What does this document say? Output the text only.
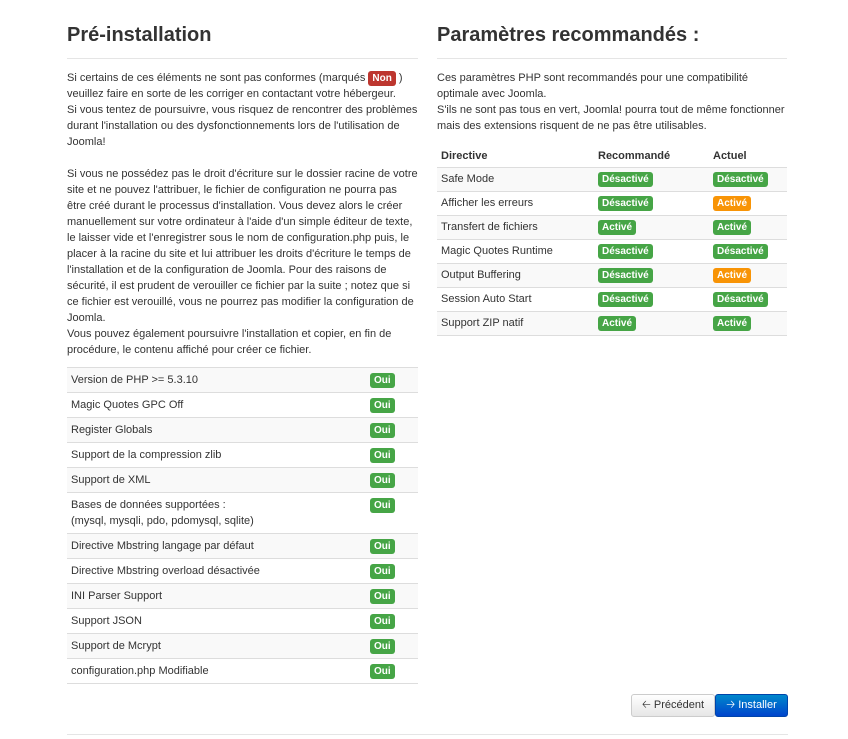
Pré-installation

Si certains de ces éléments ne sont pas conformes (marqués Non ) veuillez faire en sorte de les corriger en contactant votre hébergeur.

Si vous tentez de poursuivre, vous risquez de rencontrer des problèmes durant l'installation ou des dysfonctionnements lors de l'utilisation de Joomla!

Si vous ne possédez pas le droit d'écriture sur le dossier racine de votre site et ne pouvez l'attribuer, le fichier de configuration ne pourra pas être créé durant le processus d'installation. Vous devez alors le créer manuellement sur votre ordinateur à l'aide d'un simple éditeur de texte, le laisser vide et l'enregistrer sous le nom de configuration.php puis, le placer à la racine du site et lui attribuer les droits d'écriture le temps de l'installation et de la configuration de Joomla. Pour des raisons de sécurité, il est prudent de verouiller ce fichier par la suite ; notez que si ce fichier est verouillé, vous ne pourrez pas modifier la configuration de Joomla.

Vous pouvez également poursuivre l'installation et copier, en fin de procédure, le contenu affiché pour créer ce fichier.

Version de PHP >= 5.3.10	Oui
Magic Quotes GPC Off	Oui
Register Globals	Oui
Support de la compression zlib	Oui
Support de XML	Oui
Bases de données supportées :
(mysql, mysqli, pdo, pdomysql, sqlite)	Oui
Directive Mbstring langage par défaut	Oui
Directive Mbstring overload désactivée	Oui
INI Parser Support	Oui
Support JSON	Oui
Support de Mcrypt	Oui
configuration.php Modifiable	Oui
Paramètres recommandés :

Ces paramètres PHP sont recommandés pour une compatibilité optimale avec Joomla.

S'ils ne sont pas tous en vert, Joomla! pourra tout de même fonctionner mais des extensions risquent de ne pas être utilisables.

Directive	Recommandé	Actuel
Safe Mode	Désactivé	Désactivé
Afficher les erreurs	Désactivé	Activé
Transfert de fichiers	Activé	Activé
Magic Quotes Runtime	Désactivé	Désactivé
Output Buffering	Désactivé	Activé
Session Auto Start	Désactivé	Désactivé
Support ZIP natif	Activé	Activé
🡠 Précédent	🡢 Installer
